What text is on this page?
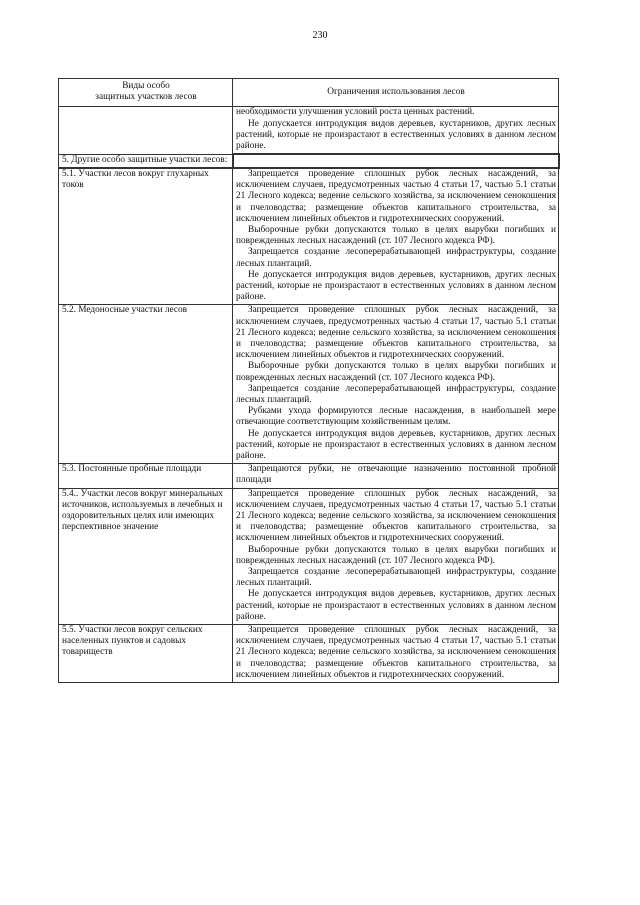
230
Виды особо
защитных участков лесов	Ограничения использования лесов

	необходимости улучшения условий роста ценных растений.

Не допускается интродукция видов деревьев, кустарников, других лесных растений, которые не произрастают в естественных условиях в данном лесном районе.

5. Другие особо защитные участки лесов:	
5.1. Участки лесов вокруг глухарных токов	Запрещается проведение сплошных рубок лесных насаждений, за исключением случаев, предусмотренных частью 4 статьи 17, частью 5.1 статьи 21 Лесного кодекса; ведение сельского хозяйства, за исключением сенокошения и пчеловодства; размещение объектов капитального строительства, за исключением линейных объектов и гидротехнических сооружений.

Выборочные рубки допускаются только в целях вырубки погибших и поврежденных лесных насаждений (ст. 107 Лесного кодекса РФ).

Запрещается создание лесоперерабатывающей инфраструктуры, создание лесных плантаций.

Не допускается интродукция видов деревьев, кустарников, других лесных растений, которые не произрастают в естественных условиях в данном лесном районе.

5.2. Медоносные участки лесов	Запрещается проведение сплошных рубок лесных насаждений, за исключением случаев, предусмотренных частью 4 статьи 17, частью 5.1 статьи 21 Лесного кодекса; ведение сельского хозяйства, за исключением сенокошения и пчеловодства; размещение объектов капитального строительства, за исключением линейных объектов и гидротехнических сооружений.

Выборочные рубки допускаются только в целях вырубки погибших и поврежденных лесных насаждений (ст. 107 Лесного кодекса РФ).

Запрещается создание лесоперерабатывающей инфраструктуры, создание лесных плантаций.

Рубками ухода формируются лесные насаждения, в наибольшей мере отвечающие соответствующим хозяйственным целям.

Не допускается интродукция видов деревьев, кустарников, других лесных растений, которые не произрастают в естественных условиях в данном лесном районе.

5.3. Постоянные пробные площади	Запрещаются рубки, не отвечающие назначению постоянной пробной площади

5.4.. Участки лесов вокруг минеральных источников, используемых в лечебных и оздоровительных целях или имеющих перспективное значение	Запрещается проведение сплошных рубок лесных насаждений, за исключением случаев, предусмотренных частью 4 статьи 17, частью 5.1 статьи 21 Лесного кодекса; ведение сельского хозяйства, за исключением сенокошения и пчеловодства; размещение объектов капитального строительства, за исключением линейных объектов и гидротехнических сооружений.

Выборочные рубки допускаются только в целях вырубки погибших и поврежденных лесных насаждений (ст. 107 Лесного кодекса РФ).

Запрещается создание лесоперерабатывающей инфраструктуры, создание лесных плантаций.

Не допускается интродукция видов деревьев, кустарников, других лесных растений, которые не произрастают в естественных условиях в данном лесном районе.

5.5. Участки лесов вокруг сельских населенных пунктов и садовых товариществ	Запрещается проведение сплошных рубок лесных насаждений, за исключением случаев, предусмотренных частью 4 статьи 17, частью 5.1 статьи 21 Лесного кодекса; ведение сельского хозяйства, за исключением сенокошения и пчеловодства; размещение объектов капитального строительства, за исключением линейных объектов и гидротехнических сооружений.
